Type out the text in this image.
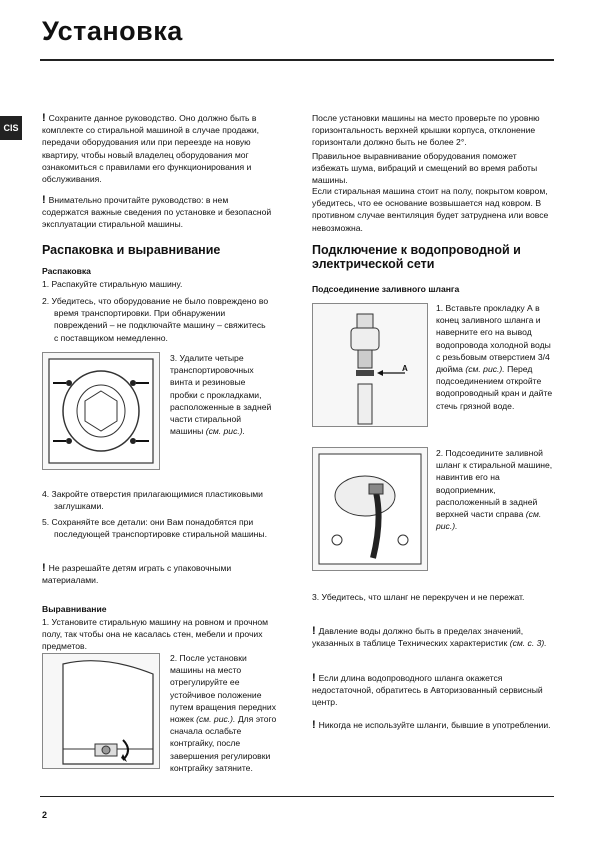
Установка
CIS
! Сохраните данное руководство. Оно должно быть в комплекте со стиральной машиной в случае продажи, передачи оборудования или при переезде на новую квартиру, чтобы новый владелец оборудования мог ознакомиться с правилами его функционирования и обслуживания.
! Внимательно прочитайте руководство: в нем содержатся важные сведения по установке и безопасной эксплуатации стиральной машины.
Распаковка и выравнивание
Распаковка
1. Распакуйте стиральную машину.
2. Убедитесь, что оборудование не было повреждено во время транспортировки. При обнаружении повреждений – не подключайте машину – свяжитесь с поставщиком немедленно.
3. Удалите четыре транспортировочных винта и резиновые пробки с прокладками, расположенные в задней части стиральной машины (см. рис.).
4. Закройте отверстия прилагающимися пластиковыми заглушками.
5. Сохраняйте все детали: они Вам понадобятся при последующей транспортировке стиральной машины.
! Не разрешайте детям играть с упаковочными материалами.
Выравнивание
1. Установите стиральную машину на ровном и прочном полу, так чтобы она не касалась стен, мебели и прочих предметов.
2. После установки машины на место отрегулируйте ее устойчивое положение путем вращения передних ножек (см. рис.). Для этого сначала ослабьте контргайку, после завершения регулировки контргайку затяните.
После установки машины на место проверьте по уровню горизонтальность верхней крышки корпуса, отклонение горизонтали должно быть не более 2°.
Правильное выравнивание оборудования поможет избежать шума, вибраций и смещений во время работы машины.
Если стиральная машина стоит на полу, покрытом ковром, убедитесь, что ее основание возвышается над ковром. В противном случае вентиляция будет затруднена или вовсе невозможна.
Подключение к водопроводной и электрической сети
Подсоединение заливного шланга
A
1. Вставьте прокладку А в конец заливного шланга и наверните его на вывод водопровода холодной воды с резьбовым отверстием 3/4 дюйма (см. рис.). Перед подсоединением откройте водопроводный кран и дайте стечь грязной воде.
2. Подсоедините заливной шланг к стиральной машине, навинтив его на водоприемник, расположенный в задней верхней части справа (см. рис.).
3. Убедитесь, что шланг не перекручен и не пережат.
! Давление воды должно быть в пределах значений, указанных в таблице Технических характеристик (см. с. 3).
! Если длина водопроводного шланга окажется недостаточной, обратитесь в Авторизованный сервисный центр.
! Никогда не используйте шланги, бывшие в употреблении.
2
